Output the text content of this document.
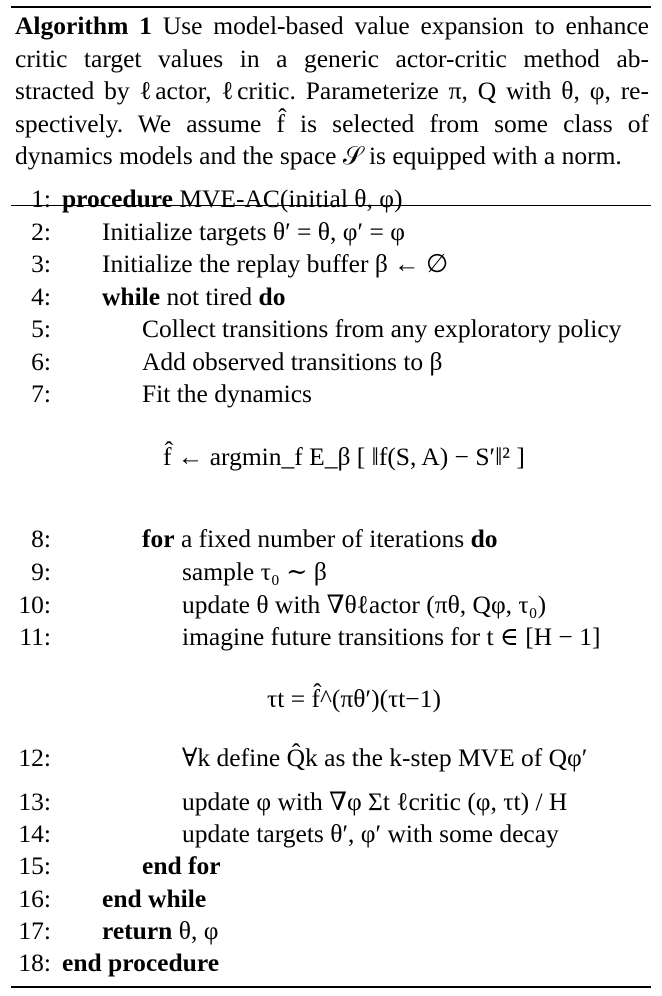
Algorithm 1 Use model-based value expansion to enhance
critic target values in a generic actor-critic method ab-
stracted by ℓactor, ℓcritic. Parameterize π, Q with θ, φ, re-
spectively. We assume f̂ is selected from some class of
dynamics models and the space 𝒮 is equipped with a norm.
1: procedure MVE-AC(initial θ, φ)
2: Initialize targets θ′ = θ, φ′ = φ
3: Initialize the replay buffer β ← ∅
4: while not tired do
5:	Collect transitions from any exploratory policy
6:	Add observed transitions to β
7:	Fit the dynamics
f̂ ← argmin_f E_β [ ‖f(S, A) − S′‖² ]
8:	for a fixed number of iterations do
9:	sample τ₀ ∼ β
10:	update θ with ∇θℓactor (πθ, Qφ, τ₀)
11:	imagine future transitions for t ∈ [H − 1]
τt = f̂^(πθ′)(τt−1)
12:	∀k define Q̂k as the k-step MVE of Qφ′
13:	update φ with ∇φ Σt ℓcritic (φ, τt) / H
14:	update targets θ′, φ′ with some decay
15:	end for
16: end while
17: return θ, φ
18: end procedure
